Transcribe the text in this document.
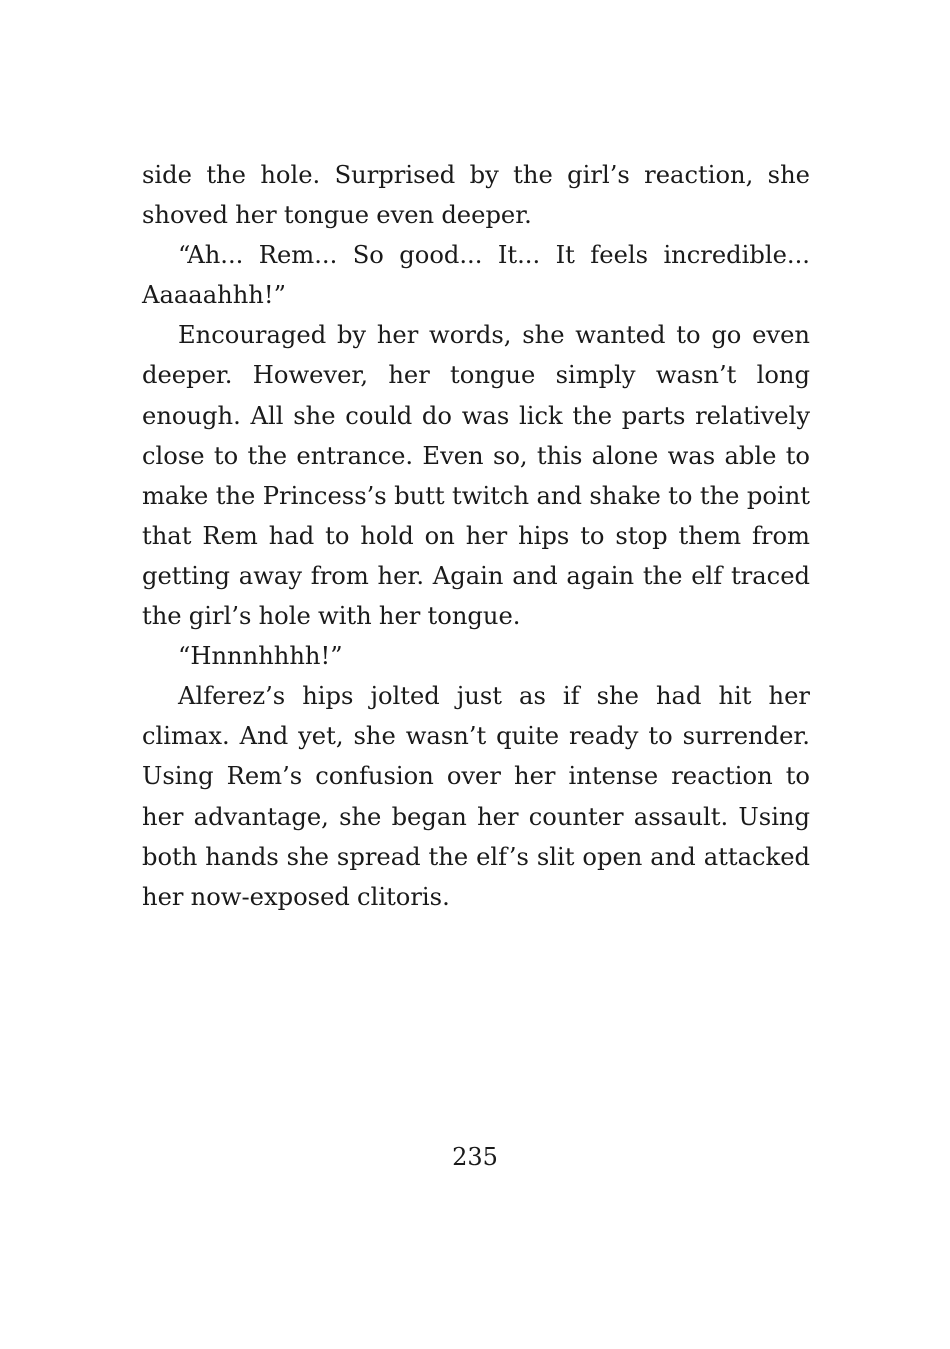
side the hole. Surprised by the girl’s reaction, she shoved her tongue even deeper.

“Ah... Rem... So good... It... It feels incredible... Aaaaahhh!”

Encouraged by her words, she wanted to go even deeper. However, her tongue simply wasn’t long enough. All she could do was lick the parts relatively close to the entrance. Even so, this alone was able to make the Princess’s butt twitch and shake to the point that Rem had to hold on her hips to stop them from getting away from her. Again and again the elf traced the girl’s hole with her tongue.

“Hnnnhhhh!”

Alferez’s hips jolted just as if she had hit her climax. And yet, she wasn’t quite ready to surrender. Using Rem’s confusion over her intense reaction to her advantage, she began her counter assault. Using both hands she spread the elf’s slit open and attacked her now-exposed clitoris.

235
